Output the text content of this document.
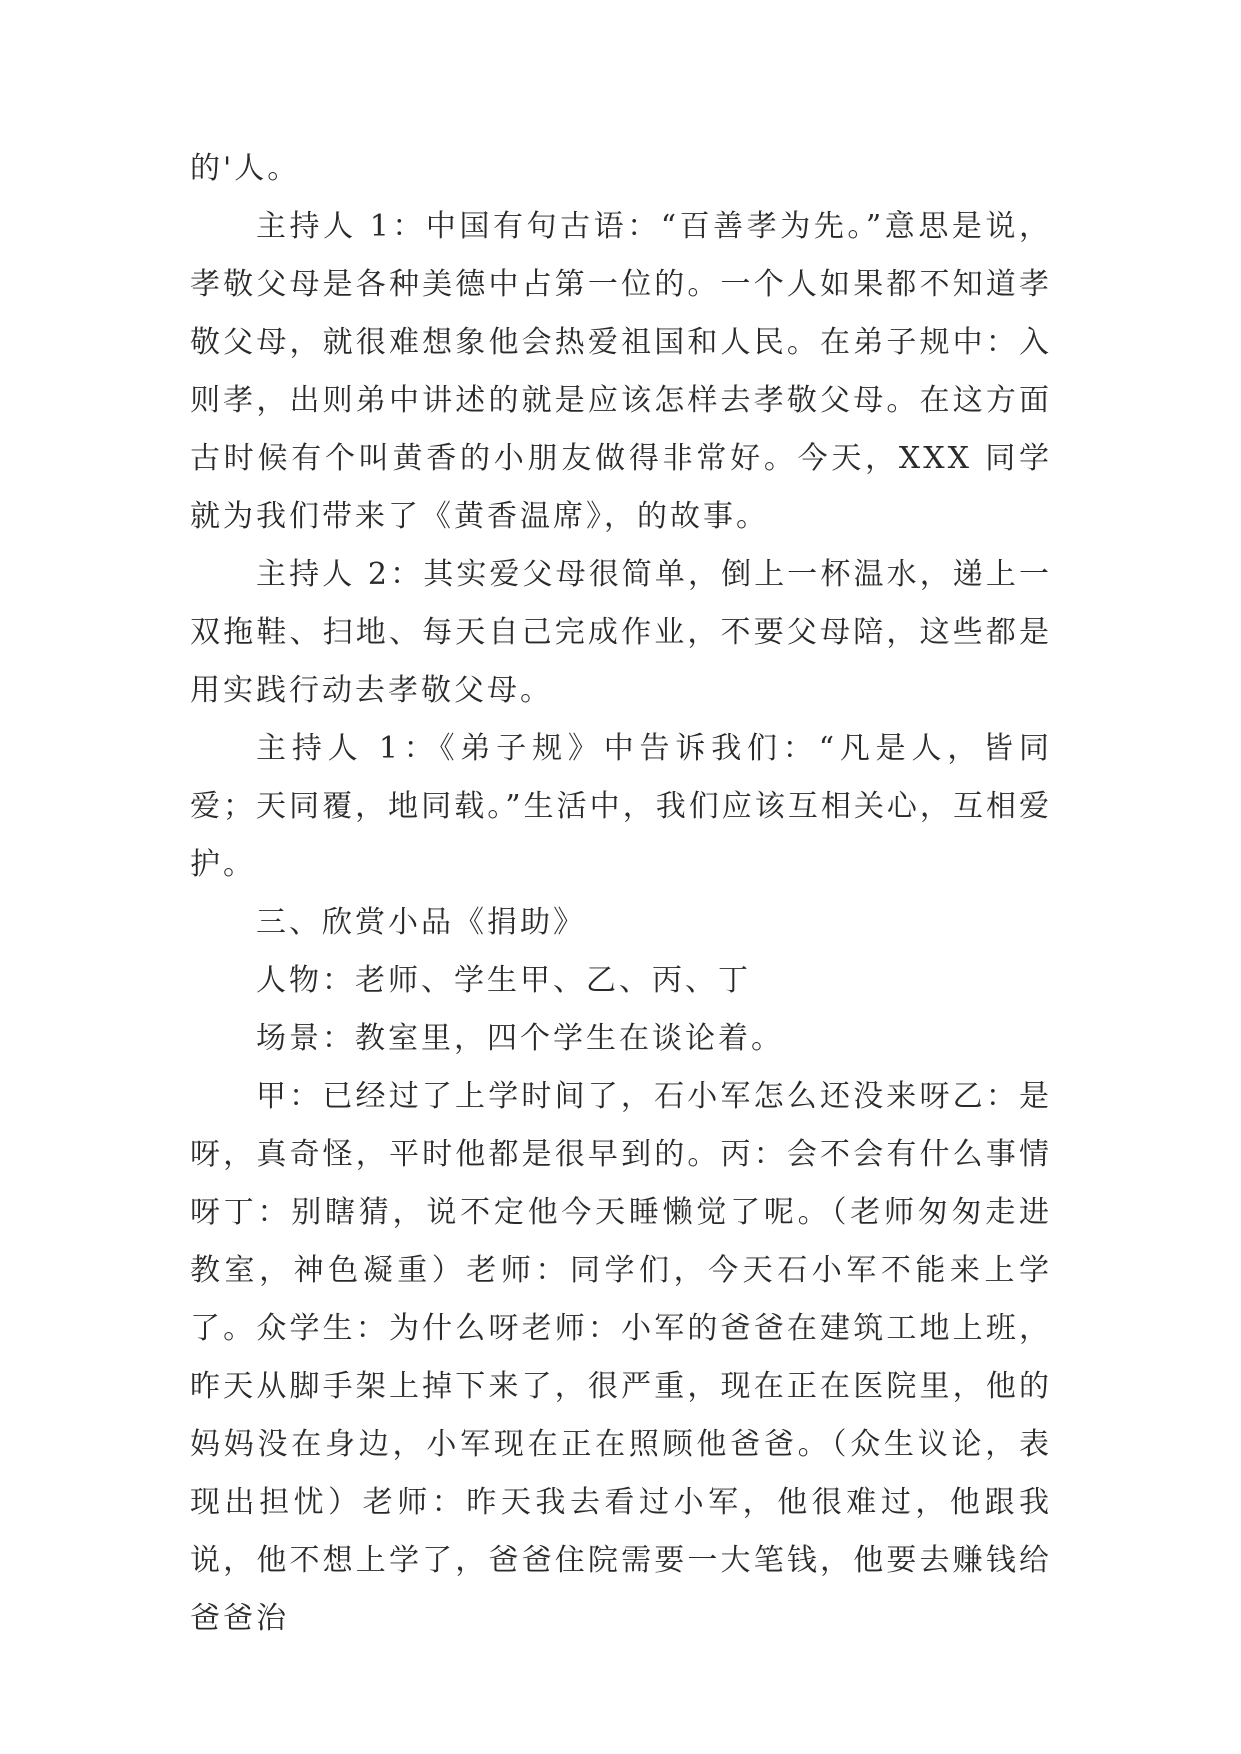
的'人。

主持人 1：中国有句古语：“百善孝为先。”意思是说，孝敬父母是各种美德中占第一位的。一个人如果都不知道孝敬父母，就很难想象他会热爱祖国和人民。在弟子规中：入则孝，出则弟中讲述的就是应该怎样去孝敬父母。在这方面古时候有个叫黄香的小朋友做得非常好。今天，XXX 同学就为我们带来了《黄香温席》，的故事。

主持人 2：其实爱父母很简单，倒上一杯温水，递上一双拖鞋、扫地、每天自己完成作业，不要父母陪，这些都是用实践行动去孝敬父母。

主持人 1：《弟子规》中告诉我们：“凡是人，皆同爱；天同覆，地同载。”生活中，我们应该互相关心，互相爱护。

三、欣赏小品《捐助》

人物：老师、学生甲、乙、丙、丁

场景：教室里，四个学生在谈论着。

甲：已经过了上学时间了，石小军怎么还没来呀乙：是呀，真奇怪，平时他都是很早到的。丙：会不会有什么事情呀丁：别瞎猜，说不定他今天睡懒觉了呢。（老师匆匆走进教室，神色凝重）老师：同学们，今天石小军不能来上学了。众学生：为什么呀老师：小军的爸爸在建筑工地上班，昨天从脚手架上掉下来了，很严重，现在正在医院里，他的妈妈没在身边，小军现在正在照顾他爸爸。（众生议论，表现出担忧）老师：昨天我去看过小军，他很难过，他跟我说，他不想上学了，爸爸住院需要一大笔钱，他要去赚钱给爸爸治
